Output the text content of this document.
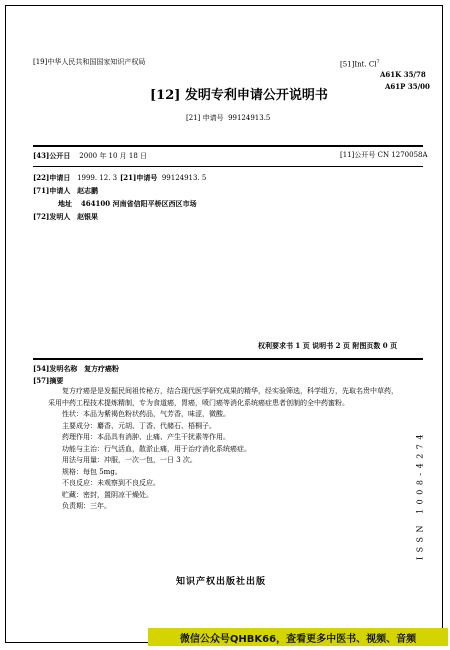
[19]中华人民共和国国家知识产权局	[51]Int. Cl$^7$
A61K 35/78
A61P 35/00
[12] 发明专利申请公开说明书
[21] 申请号 99124913.5
[43]公开日 2000 年 10 月 18 日	[11]公开号 CN 1270058A
[22]申请日 1999. 12. 3 [21]申请号 99124913. 5
[71]申请人 赵志鹏
地址 464100 河南省信阳平桥区西区市场
[72]发明人 赵银果
权利要求书 1 页 说明书 2 页 附图页数 0 页
[54]发明名称 复方疗癌粉
[57]摘要

复方疗癌是是发掘民间祖传秘方，结合现代医学研究成果的精华，经实验筛选，科学组方，先取名贵中草药，采用中药工程技术提炼精制，专为食道癌，胃癌，喷门癌等消化系统癌症患者创制的全中药蜜粉。

性状：本品为紫褐色粉状药品，气芳香，味涩，微酸。

主要成分：麝香、元胡、丁香、代赭石、梧桐子。

药理作用：本品具有消肿、止痛、产生干扰素等作用。

功能与主治：行气活血，散淤止痛，用于治疗消化系统癌症。

用法与用量：冲服，一次一包，一日 3 次。

规格：每包 5mg。

不良反应：未观察到不良反应。

贮藏：密封，置阴凉干燥处。

负责期：三年。	ISSN 1008-4274
知识产权出版社出版
微信公众号QHBK66，查看更多中医书、视频、音频
